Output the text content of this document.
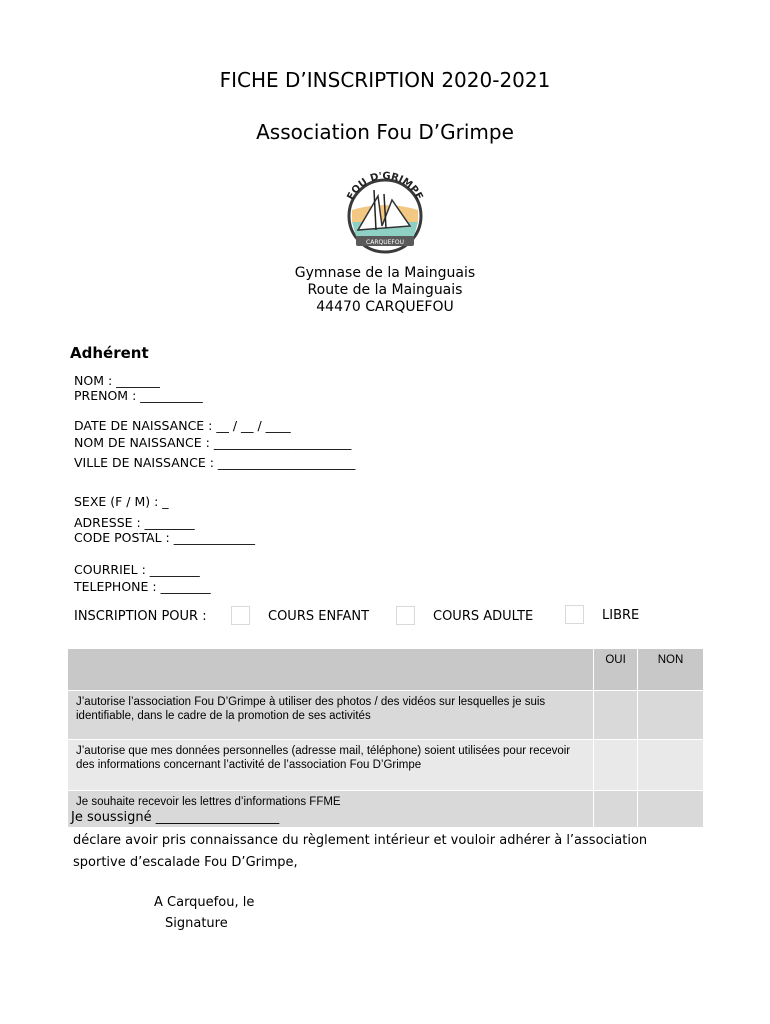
FICHE D’INSCRIPTION 2020-2021
Association Fou D’Grimpe
FOU D'GRIMPE
CARQUEFOU
Gymnase de la Mainguais
Route de la Mainguais
44470 CARQUEFOU
Adhérent
NOM : _______
PRENOM : __________
DATE DE NAISSANCE : __ / __ / ____
NOM DE NAISSANCE : ______________________
VILLE DE NAISSANCE : ______________________
SEXE (F / M) : _
ADRESSE : ________
CODE POSTAL : _____________
COURRIEL : ________
TELEPHONE : ________
INSCRIPTION POUR :	COURS ENFANT	COURS ADULTE	LIBRE
	OUI	NON
J’autorise l’association Fou D’Grimpe à utiliser des photos / des vidéos sur lesquelles je suis identifiable, dans le cadre de la promotion de ses activités		
J’autorise que mes données personnelles (adresse mail, téléphone) soient utilisées pour recevoir des informations concernant l’activité de l’association Fou D’Grimpe		
Je souhaite recevoir les lettres d’informations FFME		
Je soussigné ___________________
déclare avoir pris connaissance du règlement intérieur et vouloir adhérer à l’association
sportive d’escalade Fou D’Grimpe,
A Carquefou, le
Signature
